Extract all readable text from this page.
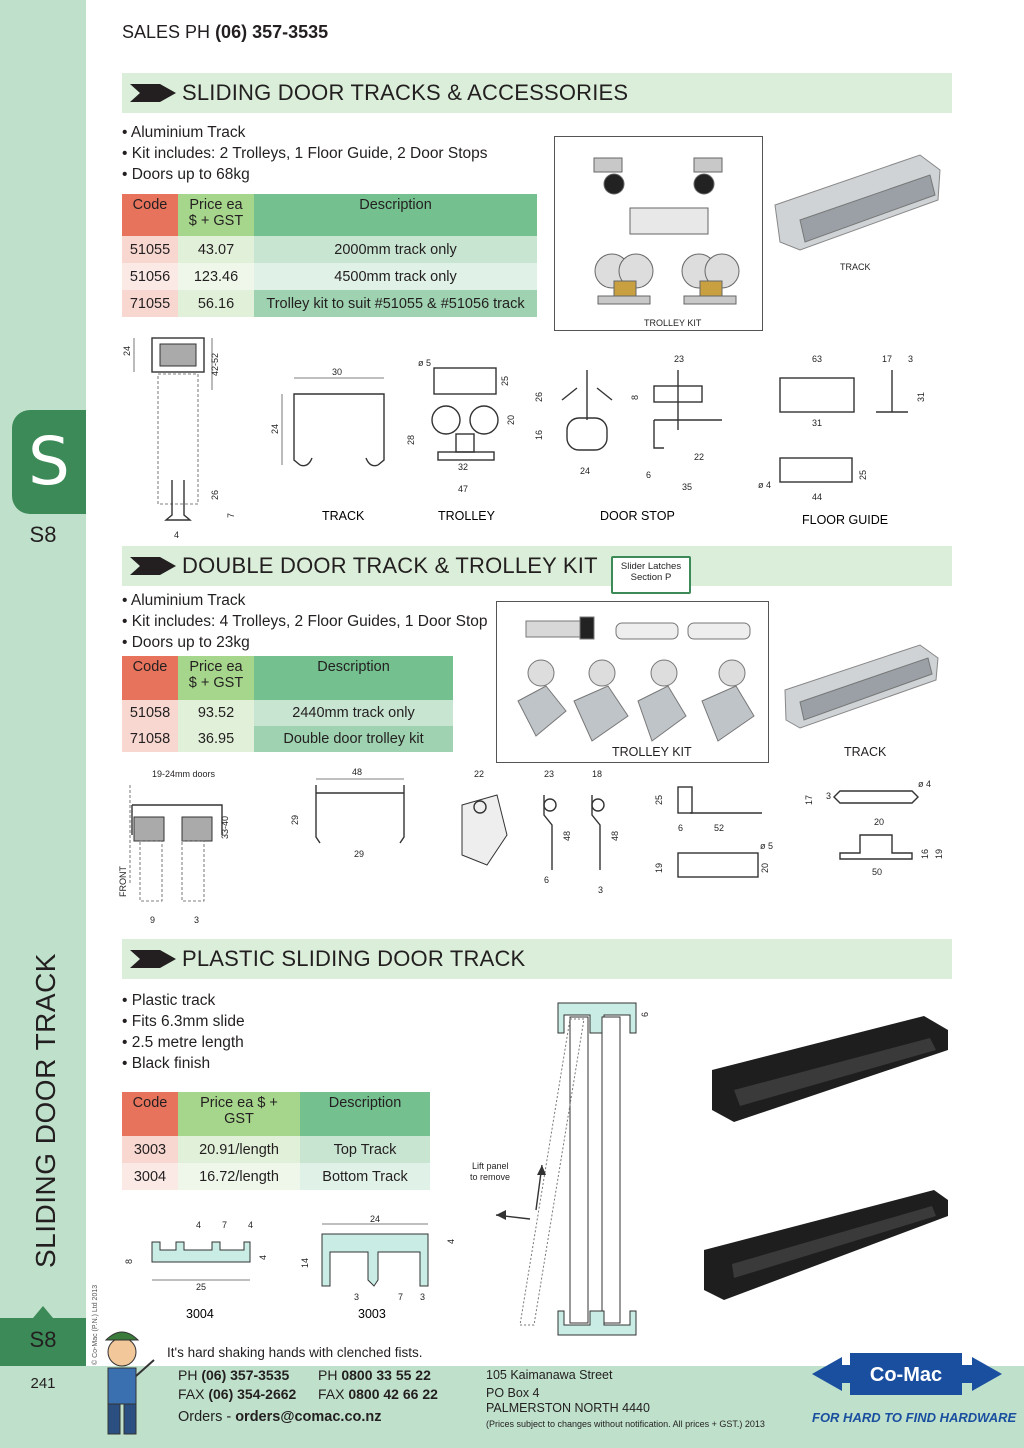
S
S8
SLIDING DOOR TRACK
© Co-Mac (P.N.) Ltd 2013
S8
241
SALES PH (06) 357-3535
SLIDING DOOR TRACKS & ACCESSORIES
• Aluminium Track
• Kit includes: 2 Trolleys, 1 Floor Guide, 2 Door Stops
• Doors up to 68kg
Code	Price ea
$ + GST	Description
51055	43.07	2000mm track only
51056	123.46	4500mm track only
71055	56.16	Trolley kit to suit #51055 & #51056 track
TROLLEY KIT
TRACK
24
42-52
26
7
4
30
24
TRACK
ø 5
25
28
20
32
47
TROLLEY
26
16
8
24
23
22
6
35
DOOR STOP
63
31
17 3
31
ø 4
25
44
FLOOR GUIDE
DOUBLE DOOR TRACK & TROLLEY KIT	Slider Latches
Section P
• Aluminium Track
• Kit includes: 4 Trolleys, 2 Floor Guides, 1 Door Stop
• Doors up to 23kg
Code	Price ea
$ + GST	Description
51058	93.52	2440mm track only
71058	36.95	Double door trolley kit
TROLLEY KIT	TRACK
19-24mm doors
33-40
FRONT
9	3
48
29
29
22	23
48
6
18
48
3
25
6	52
19	20
ø 5
17 3
ø 4
20
16 19
50
PLASTIC SLIDING DOOR TRACK
• Plastic track
• Fits 6.3mm slide
• 2.5 metre length
• Black finish
Code	Price ea $ +
GST	Description
3003	20.91/length	Top Track
3004	16.72/length	Bottom Track
4 7 4
8
4
25
3004
24
4
14
3	7 3
3003
6
Lift panel
to remove
It's hard shaking hands with clenched fists.
PH (06) 357-3535
FAX (06) 354-2662
PH 0800 33 55 22
FAX 0800 42 66 22
Orders - orders@comac.co.nz
105 Kaimanawa Street
PO Box 4
PALMERSTON NORTH 4440
(Prices subject to changes without notification. All prices + GST.) 2013
Co-Mac
FOR HARD TO FIND HARDWARE
